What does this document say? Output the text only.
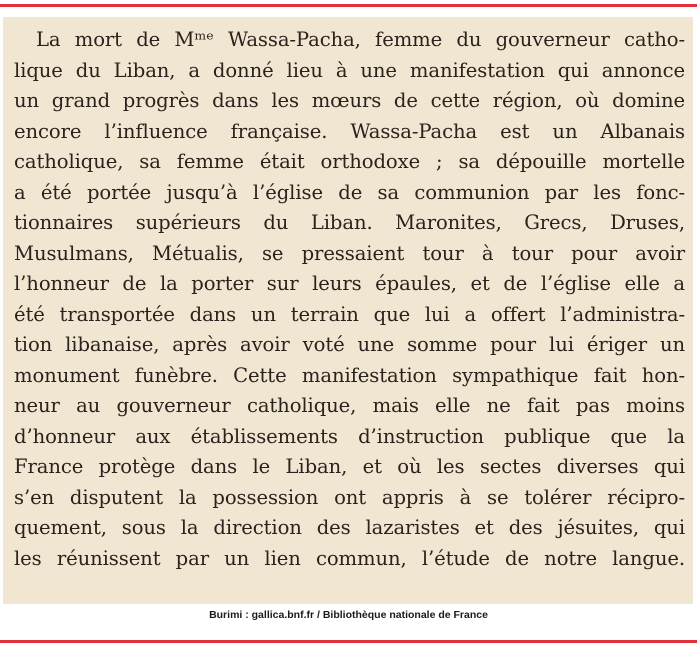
La mort de Mᵐᵉ Wassa-Pacha, femme du gouverneur catho-
lique du Liban, a donné lieu à une manifestation qui annonce
un grand progrès dans les mœurs de cette région, où domine
encore l’influence française. Wassa-Pacha est un Albanais
catholique, sa femme était orthodoxe ; sa dépouille mortelle
a été portée jusqu’à l’église de sa communion par les fonc-
tionnaires supérieurs du Liban. Maronites, Grecs, Druses,
Musulmans, Métualis, se pressaient tour à tour pour avoir
l’honneur de la porter sur leurs épaules, et de l’église elle a
été transportée dans un terrain que lui a offert l’administra-
tion libanaise, après avoir voté une somme pour lui ériger un
monument funèbre. Cette manifestation sympathique fait hon-
neur au gouverneur catholique, mais elle ne fait pas moins
d’honneur aux établissements d’instruction publique que la
France protège dans le Liban, et où les sectes diverses qui
s’en disputent la possession ont appris à se tolérer récipro-
quement, sous la direction des lazaristes et des jésuites, qui
les réunissent par un lien commun, l’étude de notre langue.
Burimi : gallica.bnf.fr / Bibliothèque nationale de France
